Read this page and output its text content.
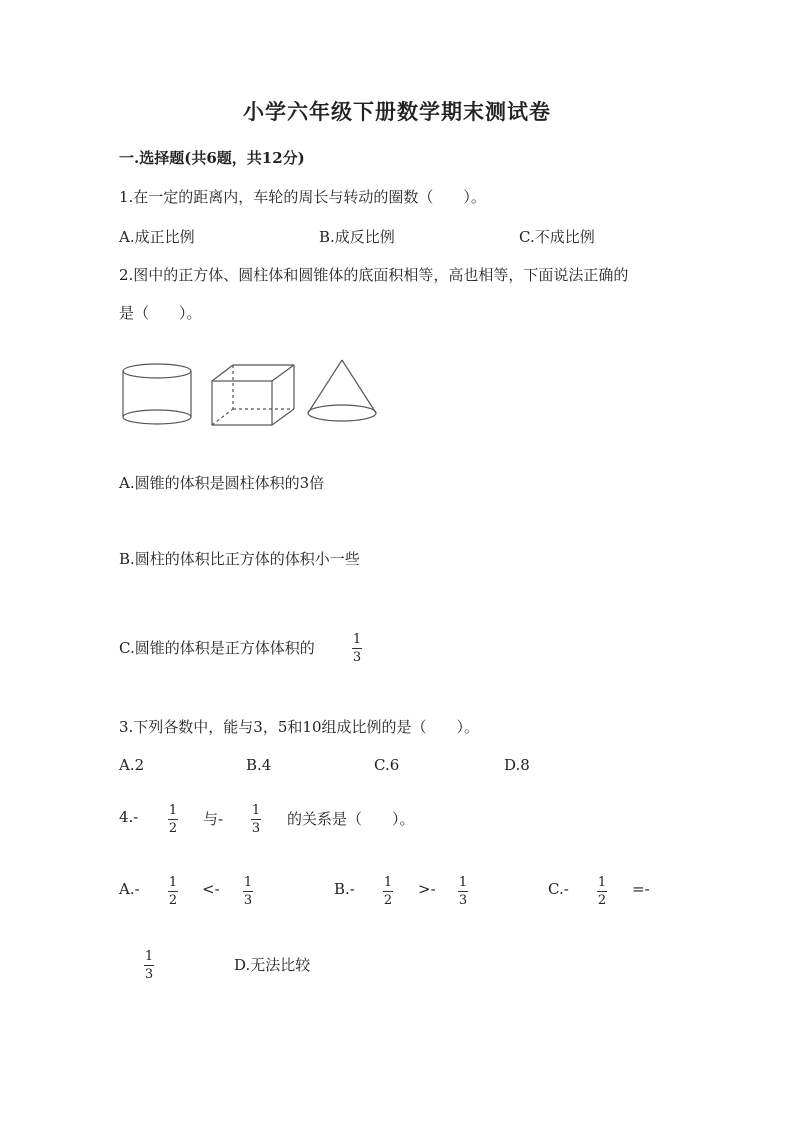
小学六年级下册数学期末测试卷
一.选择题(共6题，共12分)
1.在一定的距离内，车轮的周长与转动的圈数（　　）。
A.成正比例	B.成反比例	C.不成比例
2.图中的正方体、圆柱体和圆锥体的底面积相等，高也相等，下面说法正确的
是（　　）。
A.圆锥的体积是圆柱体积的3倍
B.圆柱的体积比正方体的体积小一些
C.圆锥的体积是正方体体积的	1
3
3.下列各数中，能与3，5和10组成比例的是（　　）。
A.2	B.4	C.6	D.8
4.- 1
2
与- 1
3
的关系是（　　）。
A.- 1
2
<- 1
3
B.- 1
2
>- 1
3
C.- 1
2
=-
1
3
D.无法比较
